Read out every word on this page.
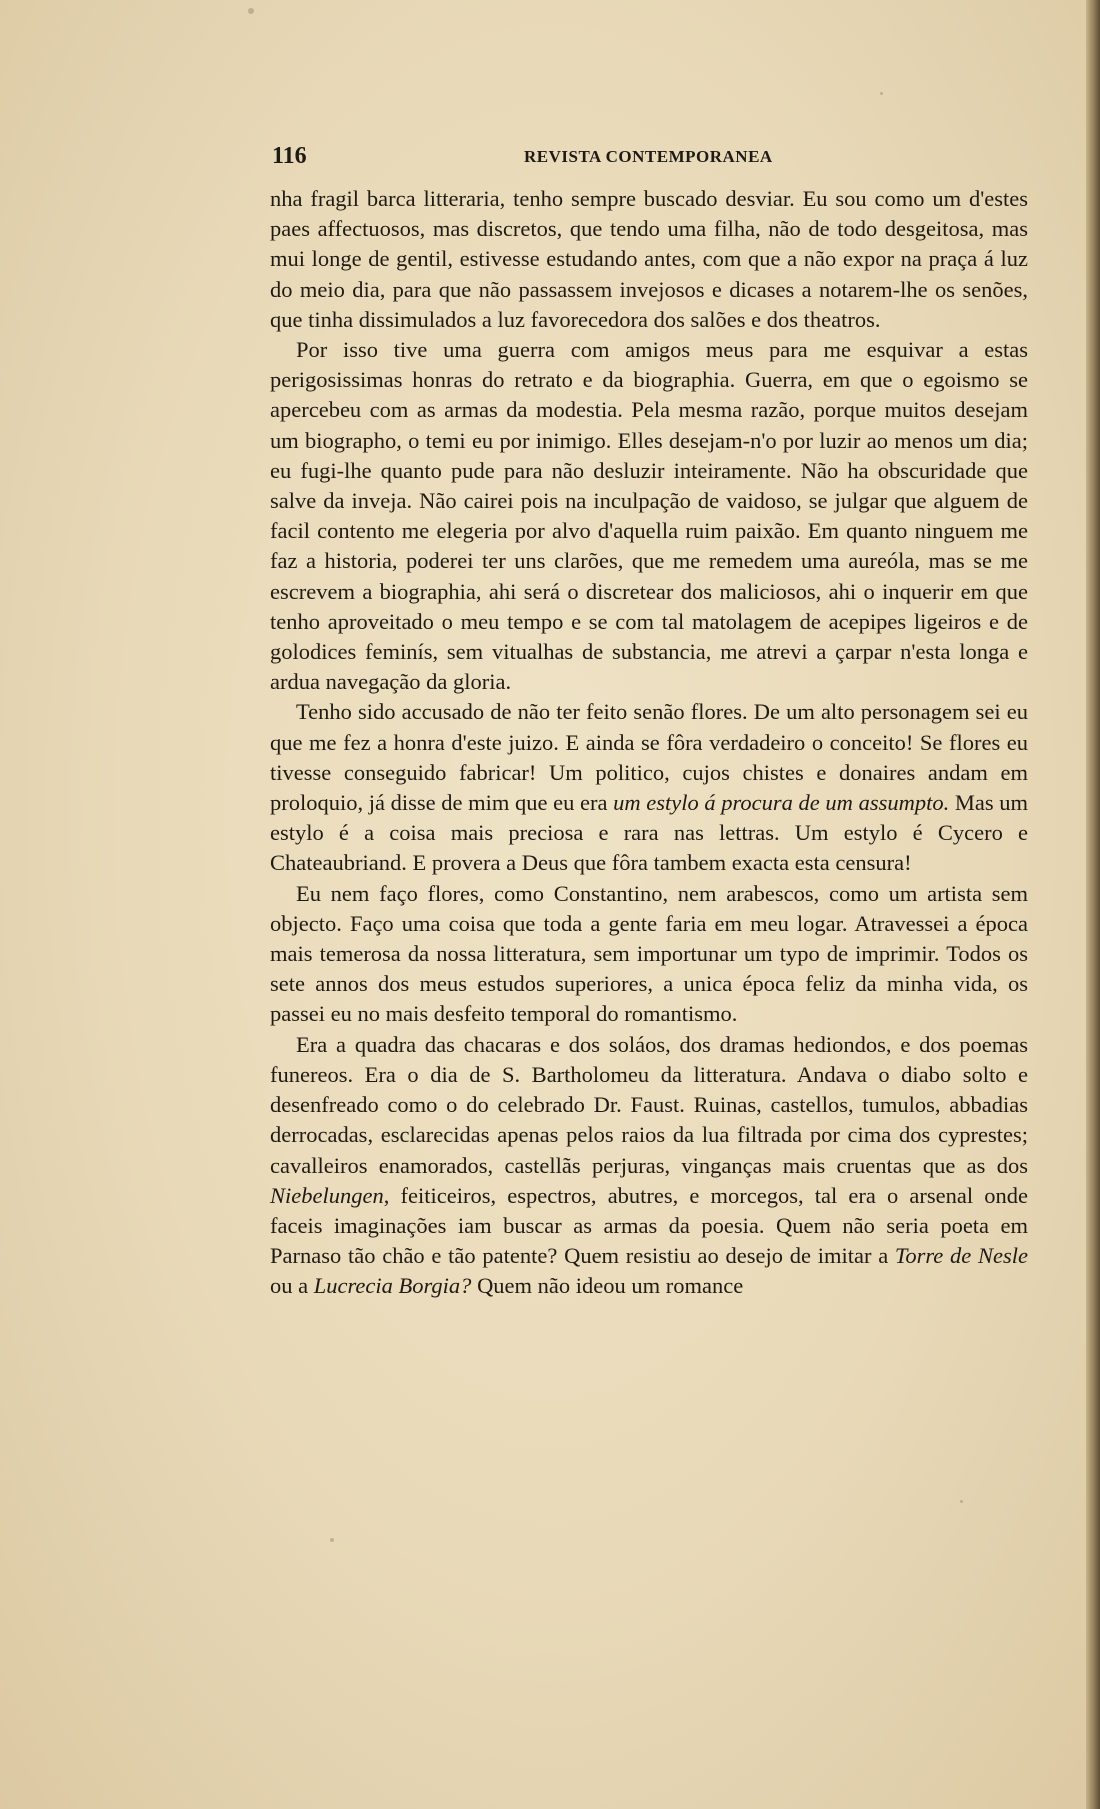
116	REVISTA CONTEMPORANEA

nha fragil barca litteraria, tenho sempre buscado desviar. Eu sou como um d'estes paes affectuosos, mas discretos, que tendo uma filha, não de todo desgeitosa, mas mui longe de gentil, estivesse estudando antes, com que a não expor na praça á luz do meio dia, para que não passassem invejosos e dicases a notarem-lhe os senões, que tinha dissimulados a luz favorecedora dos salões e dos theatros.

Por isso tive uma guerra com amigos meus para me esquivar a estas perigosissimas honras do retrato e da biographia. Guerra, em que o egoismo se apercebeu com as armas da modestia. Pela mesma razão, porque muitos desejam um biographo, o temi eu por inimigo. Elles desejam-n'o por luzir ao menos um dia; eu fugi-lhe quanto pude para não desluzir inteiramente. Não ha obscuridade que salve da inveja. Não cairei pois na inculpação de vaidoso, se julgar que alguem de facil contento me elegeria por alvo d'aquella ruim paixão. Em quanto ninguem me faz a historia, poderei ter uns clarões, que me remedem uma aureóla, mas se me escrevem a biographia, ahi será o discretear dos maliciosos, ahi o inquerir em que tenho aproveitado o meu tempo e se com tal matolagem de acepipes ligeiros e de golodices feminís, sem vitualhas de substancia, me atrevi a çarpar n'esta longa e ardua navegação da gloria.

Tenho sido accusado de não ter feito senão flores. De um alto personagem sei eu que me fez a honra d'este juizo. E ainda se fôra verdadeiro o conceito! Se flores eu tivesse conseguido fabricar! Um politico, cujos chistes e donaires andam em proloquio, já disse de mim que eu era um estylo á procura de um assumpto. Mas um estylo é a coisa mais preciosa e rara nas lettras. Um estylo é Cycero e Chateaubriand. E provera a Deus que fôra tambem exacta esta censura!

Eu nem faço flores, como Constantino, nem arabescos, como um artista sem objecto. Faço uma coisa que toda a gente faria em meu logar. Atravessei a época mais temerosa da nossa litteratura, sem importunar um typo de imprimir. Todos os sete annos dos meus estudos superiores, a unica época feliz da minha vida, os passei eu no mais desfeito temporal do romantismo.

Era a quadra das chacaras e dos soláos, dos dramas hediondos, e dos poemas funereos. Era o dia de S. Bartholomeu da litteratura. Andava o diabo solto e desenfreado como o do celebrado Dr. Faust. Ruinas, castellos, tumulos, abbadias derrocadas, esclarecidas apenas pelos raios da lua filtrada por cima dos cyprestes; cavalleiros enamorados, castellãs perjuras, vinganças mais cruentas que as dos Niebelungen, feiticeiros, espectros, abutres, e morcegos, tal era o arsenal onde faceis imaginações iam buscar as armas da poesia. Quem não seria poeta em Parnaso tão chão e tão patente? Quem resistiu ao desejo de imitar a Torre de Nesle ou a Lucrecia Borgia? Quem não ideou um romance
